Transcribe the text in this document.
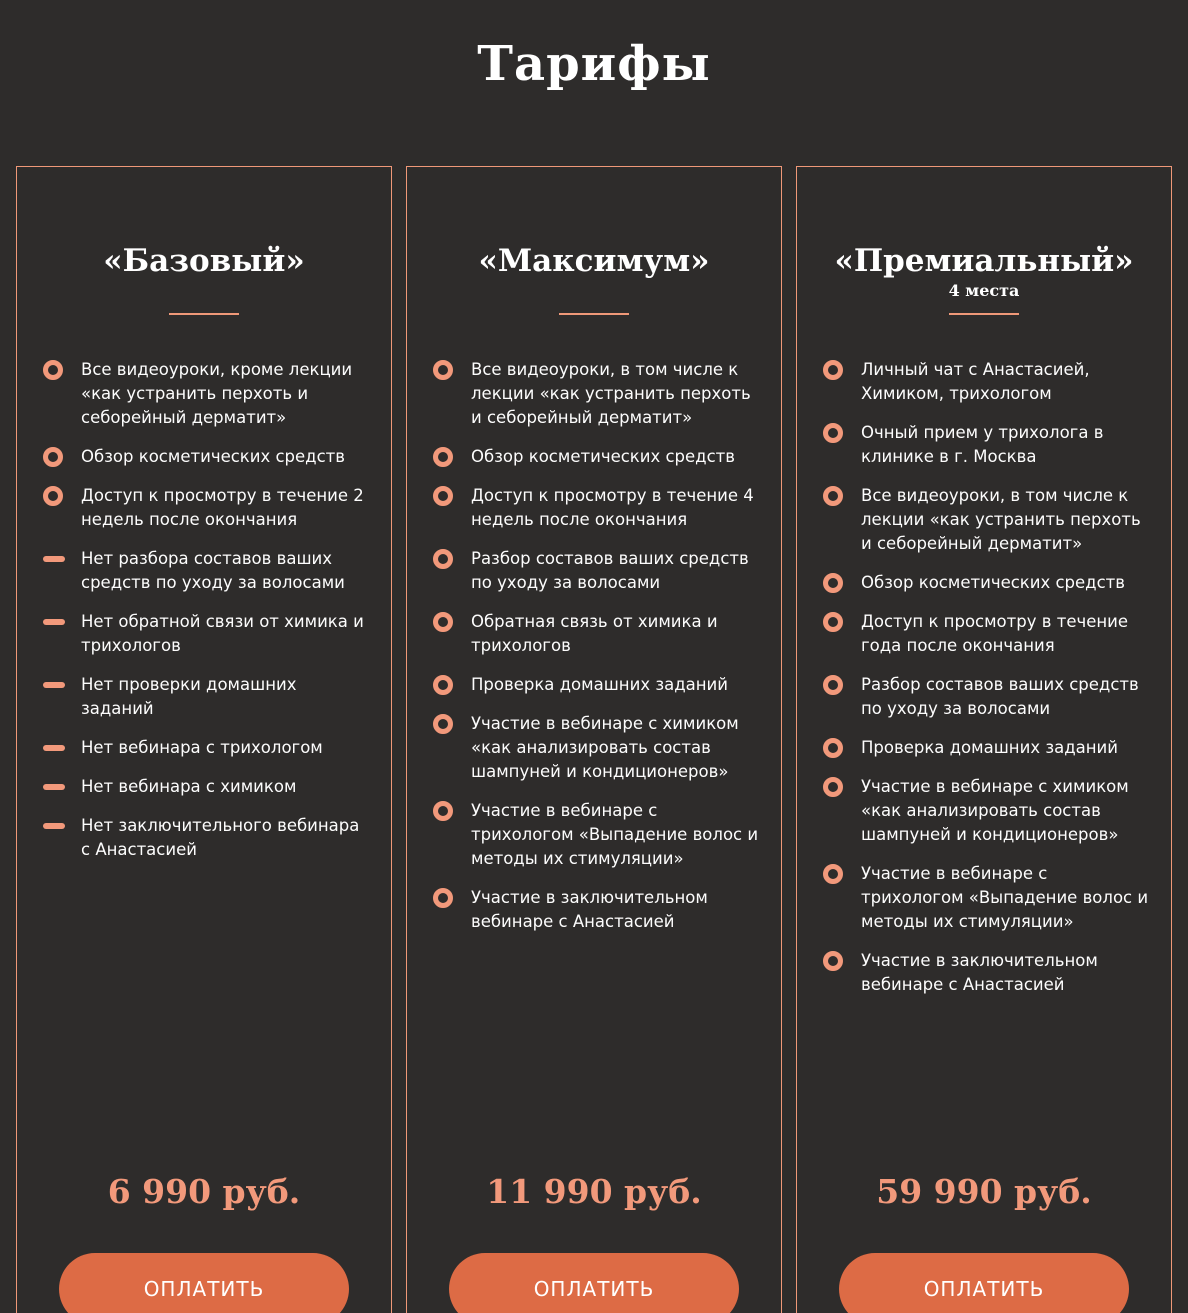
Тарифы
«Базовый»
Все видеоуроки, кроме лекции «как устранить перхоть и себорейный дерматит»
Обзор косметических средств
Доступ к просмотру в течение 2 недель после окончания
Нет разбора составов ваших средств по уходу за волосами
Нет обратной связи от химика и трихологов
Нет проверки домашних заданий
Нет вебинара с трихологом
Нет вебинара с химиком
Нет заключительного вебинара с Анастасией
6 990 руб.
ОПЛАТИТЬ
«Максимум»
Все видеоуроки, в том числе к лекции «как устранить перхоть и себорейный дерматит»
Обзор косметических средств
Доступ к просмотру в течение 4 недель после окончания
Разбор составов ваших средств по уходу за волосами
Обратная связь от химика и трихологов
Проверка домашних заданий
Участие в вебинаре с химиком «как анализировать состав шампуней и кондиционеров»
Участие в вебинаре с трихологом «Выпадение волос и методы их стимуляции»
Участие в заключительном вебинаре с Анастасией
11 990 руб.
ОПЛАТИТЬ
«Премиальный»
4 места
Личный чат с Анастасией, Химиком, трихологом
Очный прием у трихолога в клинике в г. Москва
Все видеоуроки, в том числе к лекции «как устранить перхоть и себорейный дерматит»
Обзор косметических средств
Доступ к просмотру в течение года после окончания
Разбор составов ваших средств по уходу за волосами
Проверка домашних заданий
Участие в вебинаре с химиком «как анализировать состав шампуней и кондиционеров»
Участие в вебинаре с трихологом «Выпадение волос и методы их стимуляции»
Участие в заключительном вебинаре с Анастасией
59 990 руб.
ОПЛАТИТЬ
